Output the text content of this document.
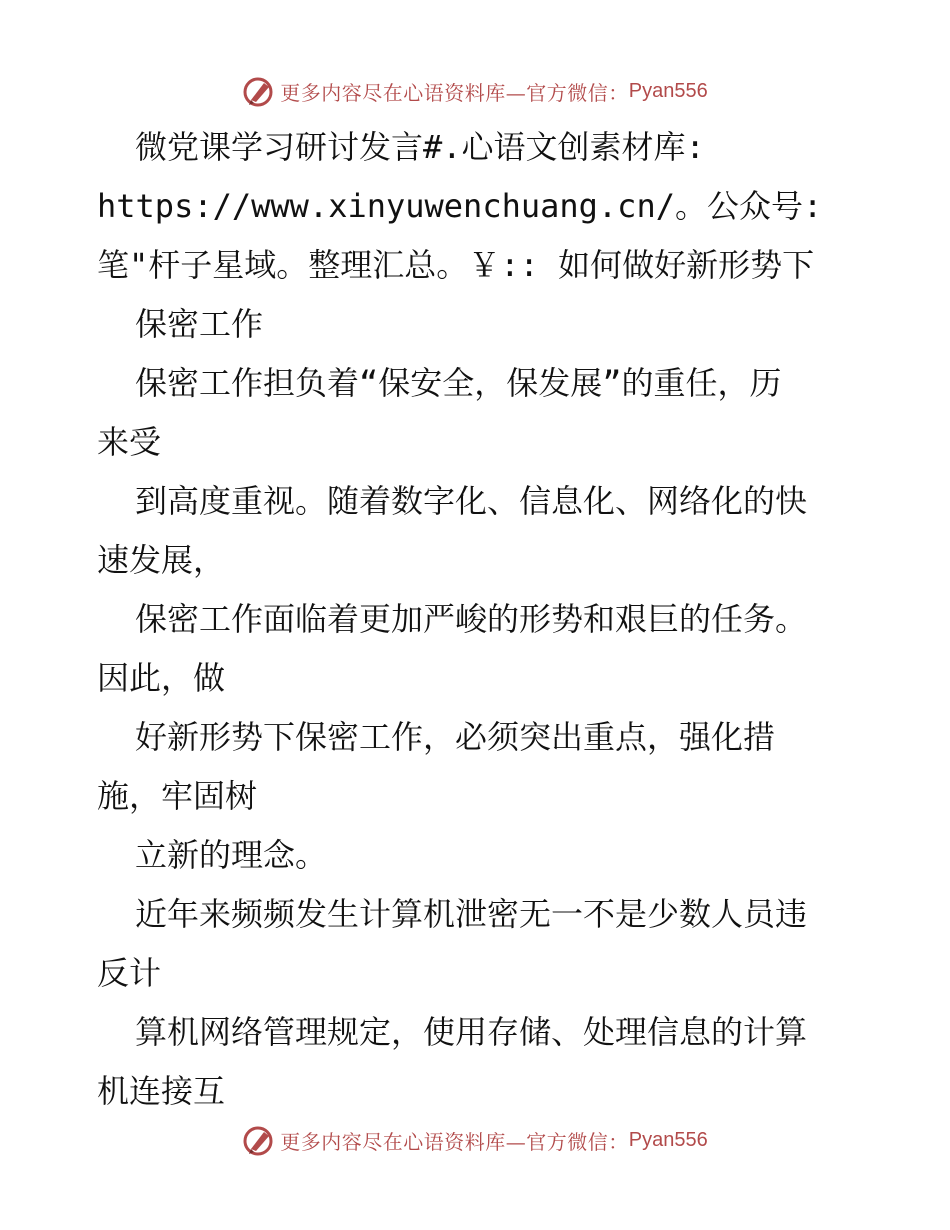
更多内容尽在心语资料库—官方微信： Pyan556
微党课学习研讨发言#.心语文创素材库:
https://www.xinyuwenchuang.cn/。公众号:
笔"杆子星域。整理汇总。￥:: 如何做好新形势下
保密工作
保密工作担负着“保安全，保发展”的重任，历
来受
到高度重视。随着数字化、信息化、网络化的快
速发展，
保密工作面临着更加严峻的形势和艰巨的任务。
因此，做
好新形势下保密工作，必须突出重点，强化措
施，牢固树
立新的理念。
近年来频频发生计算机泄密无一不是少数人员违
反计
算机网络管理规定，使用存储、处理信息的计算
机连接互
更多内容尽在心语资料库—官方微信： Pyan556
